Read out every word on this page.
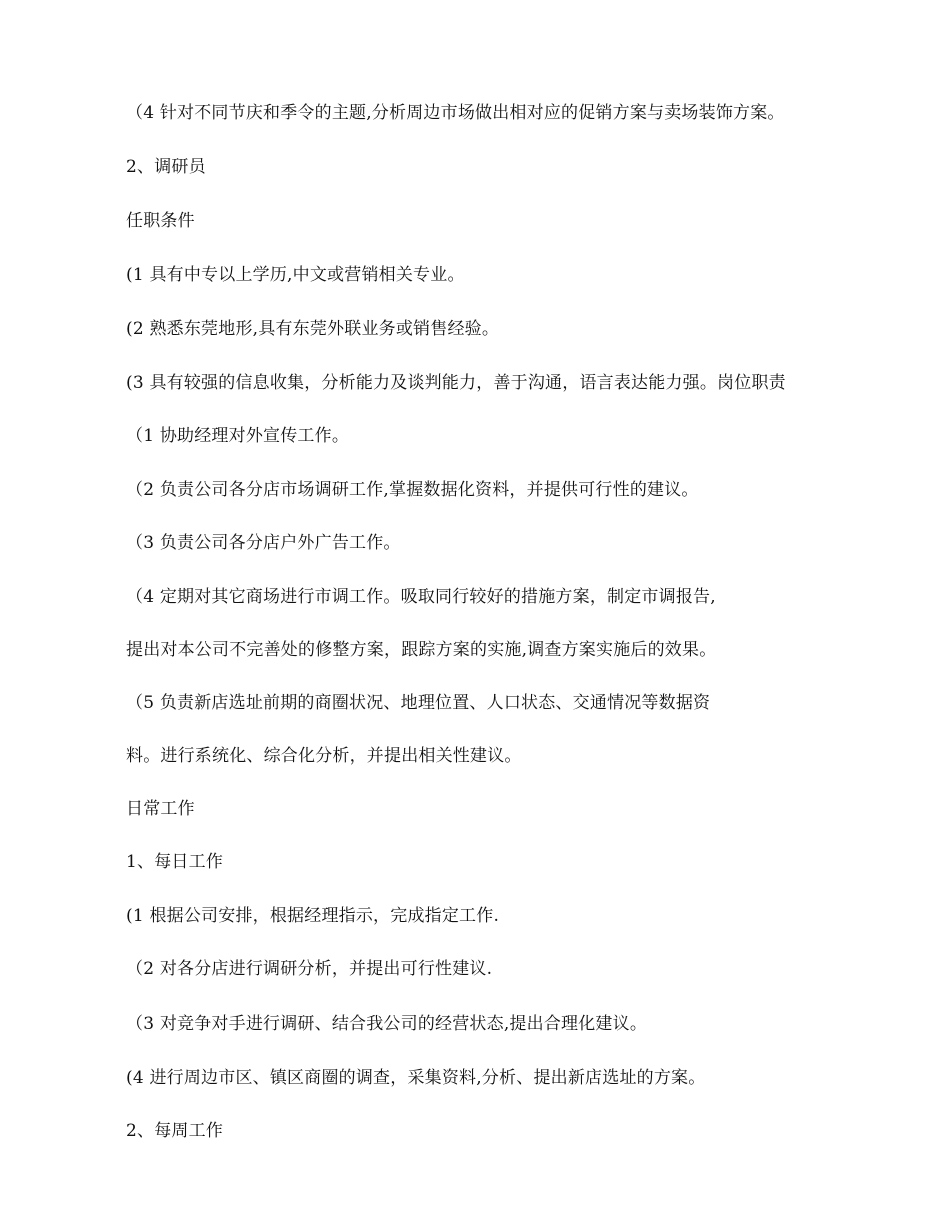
（4 针对不同节庆和季令的主题,分析周边市场做出相对应的促销方案与卖场装饰方案。
2、调研员
任职条件
(1 具有中专以上学历,中文或营销相关专业。
(2 熟悉东莞地形,具有东莞外联业务或销售经验。
(3 具有较强的信息收集，分析能力及谈判能力，善于沟通，语言表达能力强。岗位职责
（1 协助经理对外宣传工作。
（2 负责公司各分店市场调研工作,掌握数据化资料，并提供可行性的建议。
（3 负责公司各分店户外广告工作。
（4 定期对其它商场进行市调工作。吸取同行较好的措施方案，制定市调报告,
提出对本公司不完善处的修整方案，跟踪方案的实施,调查方案实施后的效果。
（5 负责新店选址前期的商圈状况、地理位置、人口状态、交通情况等数据资
料。进行系统化、综合化分析，并提出相关性建议。
日常工作
1、每日工作
(1 根据公司安排，根据经理指示，完成指定工作.
（2 对各分店进行调研分析，并提出可行性建议.
（3 对竞争对手进行调研、结合我公司的经营状态,提出合理化建议。
(4 进行周边市区、镇区商圈的调查，采集资料,分析、提出新店选址的方案。
2、每周工作
